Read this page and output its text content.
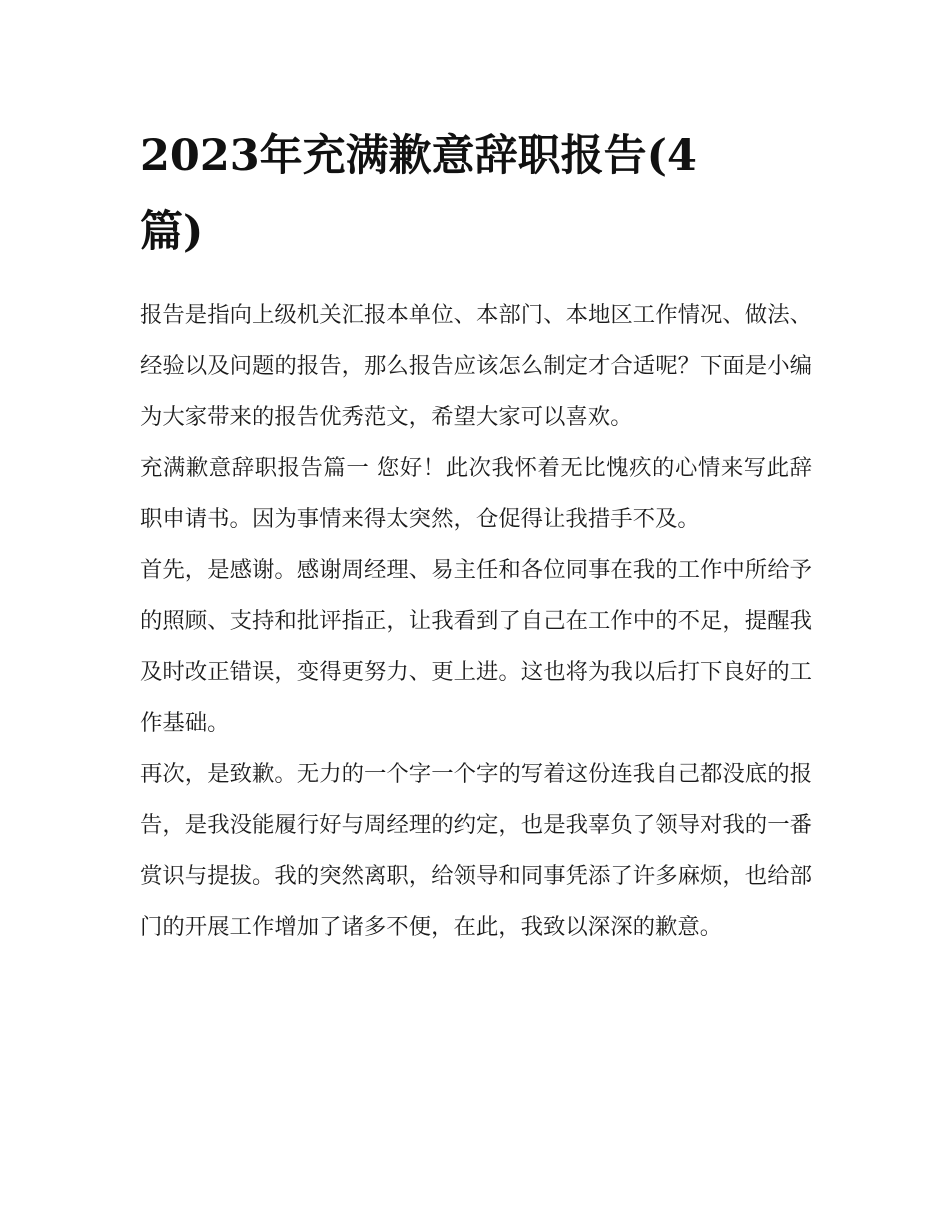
2023年充满歉意辞职报告(4篇)

报告是指向上级机关汇报本单位、本部门、本地区工作情况、做法、经验以及问题的报告，那么报告应该怎么制定才合适呢？下面是小编为大家带来的报告优秀范文，希望大家可以喜欢。

充满歉意辞职报告篇一 您好！此次我怀着无比愧疚的心情来写此辞职申请书。因为事情来得太突然，仓促得让我措手不及。

首先，是感谢。感谢周经理、易主任和各位同事在我的工作中所给予的照顾、支持和批评指正，让我看到了自己在工作中的不足，提醒我及时改正错误，变得更努力、更上进。这也将为我以后打下良好的工作基础。

再次，是致歉。无力的一个字一个字的写着这份连我自己都没底的报告，是我没能履行好与周经理的约定，也是我辜负了领导对我的一番赏识与提拔。我的突然离职，给领导和同事凭添了许多麻烦，也给部门的开展工作增加了诸多不便，在此，我致以深深的歉意。
